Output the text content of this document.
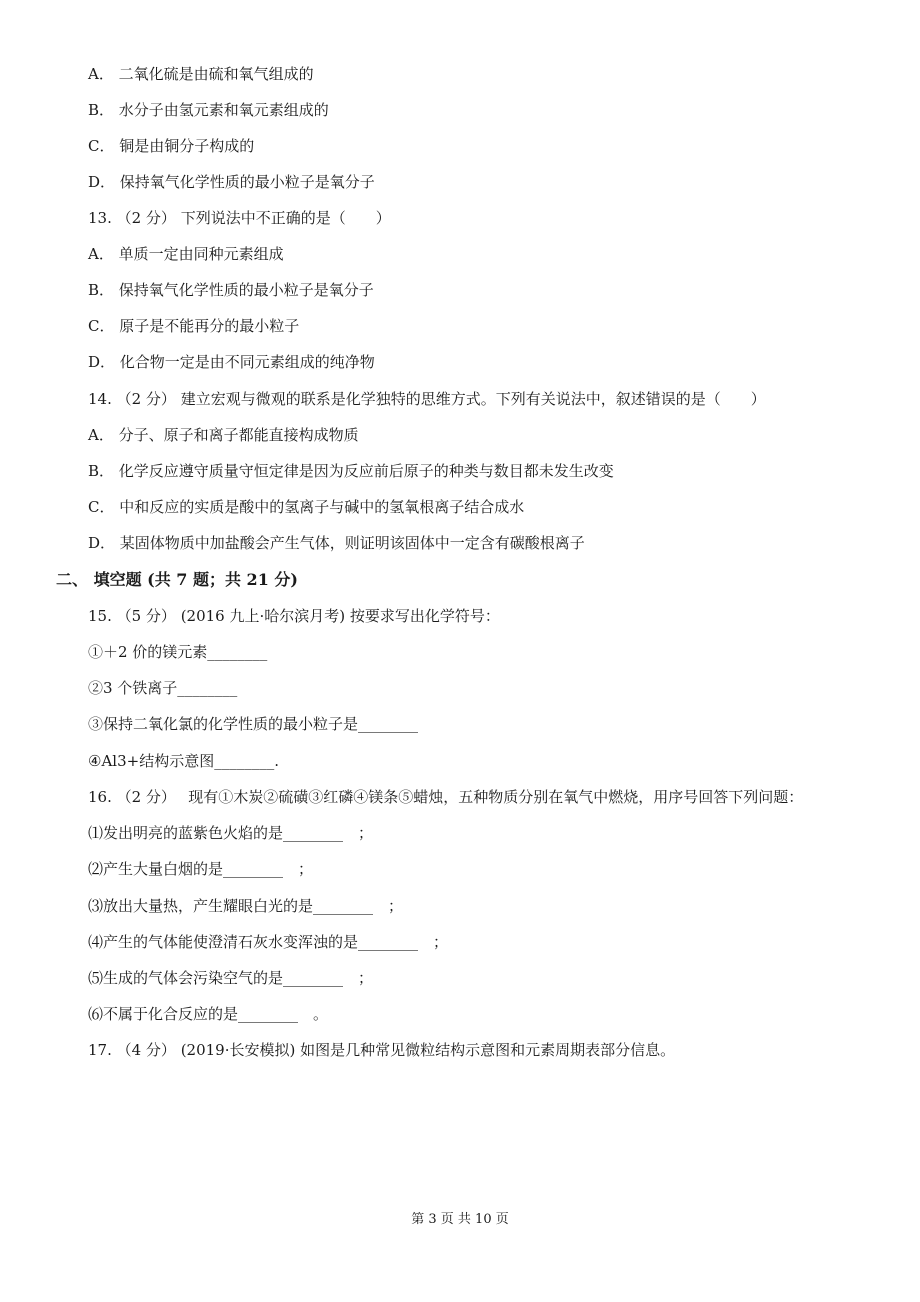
A． 二氧化硫是由硫和氧气组成的
B． 水分子由氢元素和氧元素组成的
C． 铜是由铜分子构成的
D． 保持氧气化学性质的最小粒子是氧分子
13. （2 分） 下列说法中不正确的是（　　）
A． 单质一定由同种元素组成
B． 保持氧气化学性质的最小粒子是氧分子
C． 原子是不能再分的最小粒子
D． 化合物一定是由不同元素组成的纯净物
14. （2 分） 建立宏观与微观的联系是化学独特的思维方式。下列有关说法中，叙述错误的是（　　）
A． 分子、原子和离子都能直接构成物质
B． 化学反应遵守质量守恒定律是因为反应前后原子的种类与数目都未发生改变
C． 中和反应的实质是酸中的氢离子与碱中的氢氧根离子结合成水
D． 某固体物质中加盐酸会产生气体，则证明该固体中一定含有碳酸根离子
二、 填空题 (共 7 题；共 21 分)
15. （5 分） (2016 九上·哈尔滨月考) 按要求写出化学符号：
①＋2 价的镁元素________
②3 个铁离子________
③保持二氧化氯的化学性质的最小粒子是________
④Al3+结构示意图________.
16. （2 分）　 现有①木炭②硫磺③红磷④镁条⑤蜡烛，五种物质分别在氧气中燃烧，用序号回答下列问题：
⑴发出明亮的蓝紫色火焰的是________　；
⑵产生大量白烟的是________　；
⑶放出大量热，产生耀眼白光的是________　；
⑷产生的气体能使澄清石灰水变浑浊的是________　；
⑸生成的气体会污染空气的是________　；
⑹不属于化合反应的是________　。
17. （4 分） (2019·长安模拟) 如图是几种常见微粒结构示意图和元素周期表部分信息。
第 3 页 共 10 页
